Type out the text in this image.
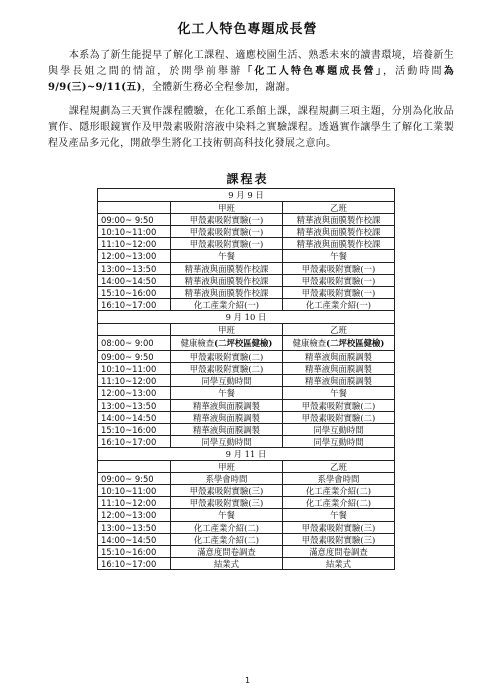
化工人特色專題成長營
　　本系為了新生能提早了解化工課程、適應校園生活、熟悉未來的讀書環境，培養新生與學長姐之間的情誼，於開學前舉辦「化工人特色專題成長營」，活動時間為 9/9(三)~9/11(五)，全體新生務必全程參加，謝謝。
　　課程規劃為三天實作課程體驗，在化工系館上課，課程規劃三項主題，分別為化妝品實作、隱形眼鏡實作及甲殼素吸附溶液中染料之實驗課程。透過實作讓學生了解化工業製程及產品多元化，開啟學生將化工技術朝高科技化發展之意向。
課程表
9 月 9 日		
	甲班	乙班
09:00~ 9:50	甲殼素吸附實驗(一)	精華液與面膜製作校課
10:10~11:00	甲殼素吸附實驗(一)	精華液與面膜製作校課
11:10~12:00	甲殼素吸附實驗(一)	精華液與面膜製作校課
12:00~13:00	午餐	午餐
13:00~13:50	精華液與面膜製作校課	甲殼素吸附實驗(一)
14:00~14:50	精華液與面膜製作校課	甲殼素吸附實驗(一)
15:10~16:00	精華液與面膜製作校課	甲殼素吸附實驗(一)
16:10~17:00	化工產業介紹(一)	化工產業介紹(一)
9 月 10 日		
	甲班	乙班
08:00~ 9:00	健康檢查(二坪校區健檢)	健康檢查(二坪校區健檢)
09:00~ 9:50	甲殼素吸附實驗(二)	精華液與面膜調製
10:10~11:00	甲殼素吸附實驗(二)	精華液與面膜調製
11:10~12:00	同學互動時間	精華液與面膜調製
12:00~13:00	午餐	午餐
13:00~13:50	精華液與面膜調製	甲殼素吸附實驗(二)
14:00~14:50	精華液與面膜調製	甲殼素吸附實驗(二)
15:10~16:00	精華液與面膜調製	同學互動時間
16:10~17:00	同學互動時間	同學互動時間
9 月 11 日		
	甲班	乙班
09:00~ 9:50	系學會時間	系學會時間
10:10~11:00	甲殼素吸附實驗(三)	化工產業介紹(二)
11:10~12:00	甲殼素吸附實驗(三)	化工產業介紹(二)
12:00~13:00	午餐	午餐
13:00~13:50	化工產業介紹(二)	甲殼素吸附實驗(三)
14:00~14:50	化工產業介紹(二)	甲殼素吸附實驗(三)
15:10~16:00	滿意度問卷調查	滿意度問卷調查
16:10~17:00	結業式	結業式
1
